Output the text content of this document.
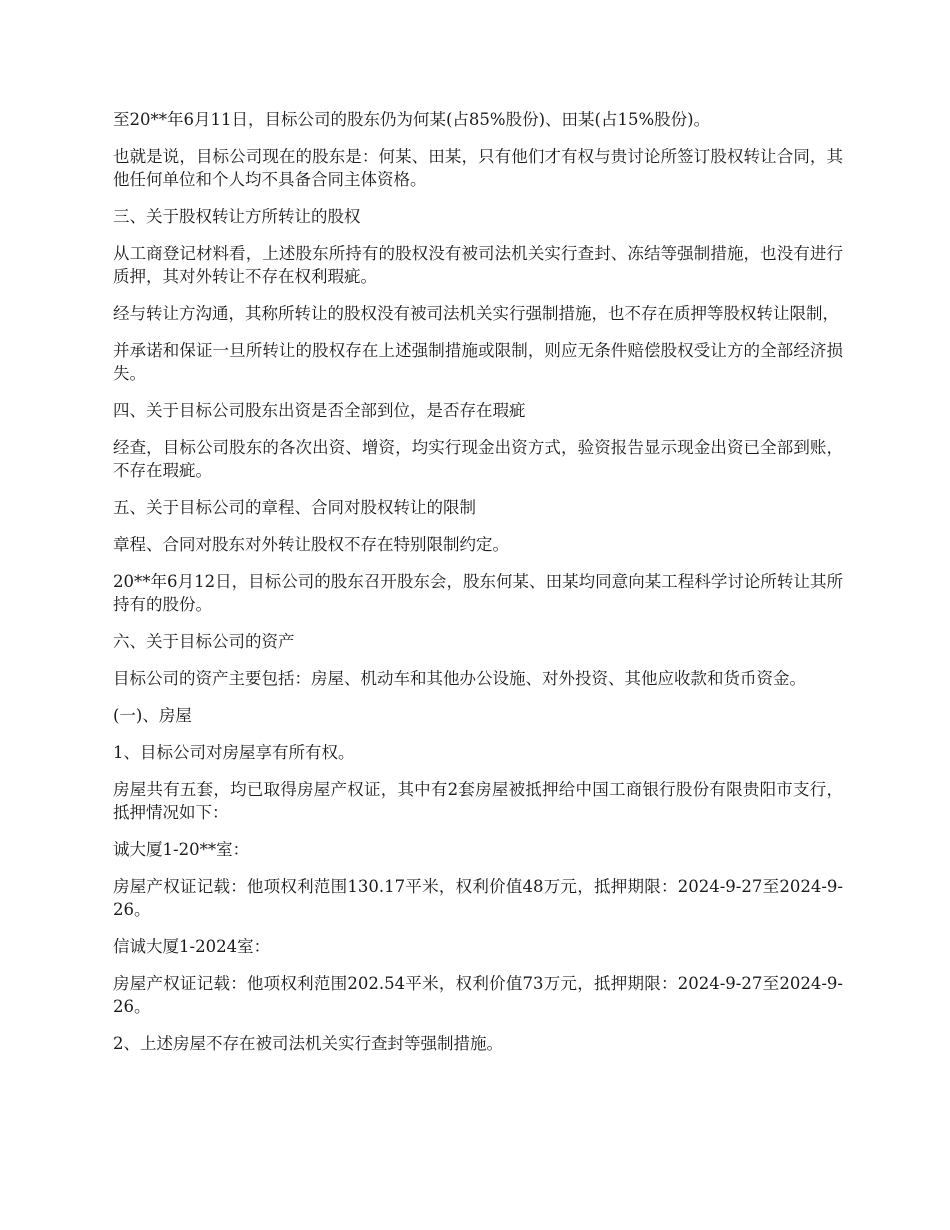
至20**年6月11日，目标公司的股东仍为何某(占85%股份)、田某(占15%股份)。

也就是说，目标公司现在的股东是：何某、田某，只有他们才有权与贵讨论所签订股权转让合同，其他任何单位和个人均不具备合同主体资格。

三、关于股权转让方所转让的股权

从工商登记材料看，上述股东所持有的股权没有被司法机关实行查封、冻结等强制措施，也没有进行质押，其对外转让不存在权利瑕疵。

经与转让方沟通，其称所转让的股权没有被司法机关实行强制措施，也不存在质押等股权转让限制，

并承诺和保证一旦所转让的股权存在上述强制措施或限制，则应无条件赔偿股权受让方的全部经济损失。

四、关于目标公司股东出资是否全部到位，是否存在瑕疵

经查，目标公司股东的各次出资、增资，均实行现金出资方式，验资报告显示现金出资已全部到账，不存在瑕疵。

五、关于目标公司的章程、合同对股权转让的限制

章程、合同对股东对外转让股权不存在特别限制约定。

20**年6月12日，目标公司的股东召开股东会，股东何某、田某均同意向某工程科学讨论所转让其所持有的股份。

六、关于目标公司的资产

目标公司的资产主要包括：房屋、机动车和其他办公设施、对外投资、其他应收款和货币资金。

(一)、房屋

1、目标公司对房屋享有所有权。

房屋共有五套，均已取得房屋产权证，其中有2套房屋被抵押给中国工商银行股份有限贵阳市支行，抵押情况如下：

诚大厦1-20**室：

房屋产权证记载：他项权利范围130.17平米，权利价值48万元，抵押期限：2024-9-27至2024-9-26。

信诚大厦1-2024室：

房屋产权证记载：他项权利范围202.54平米，权利价值73万元，抵押期限：2024-9-27至2024-9-26。

2、上述房屋不存在被司法机关实行查封等强制措施。
